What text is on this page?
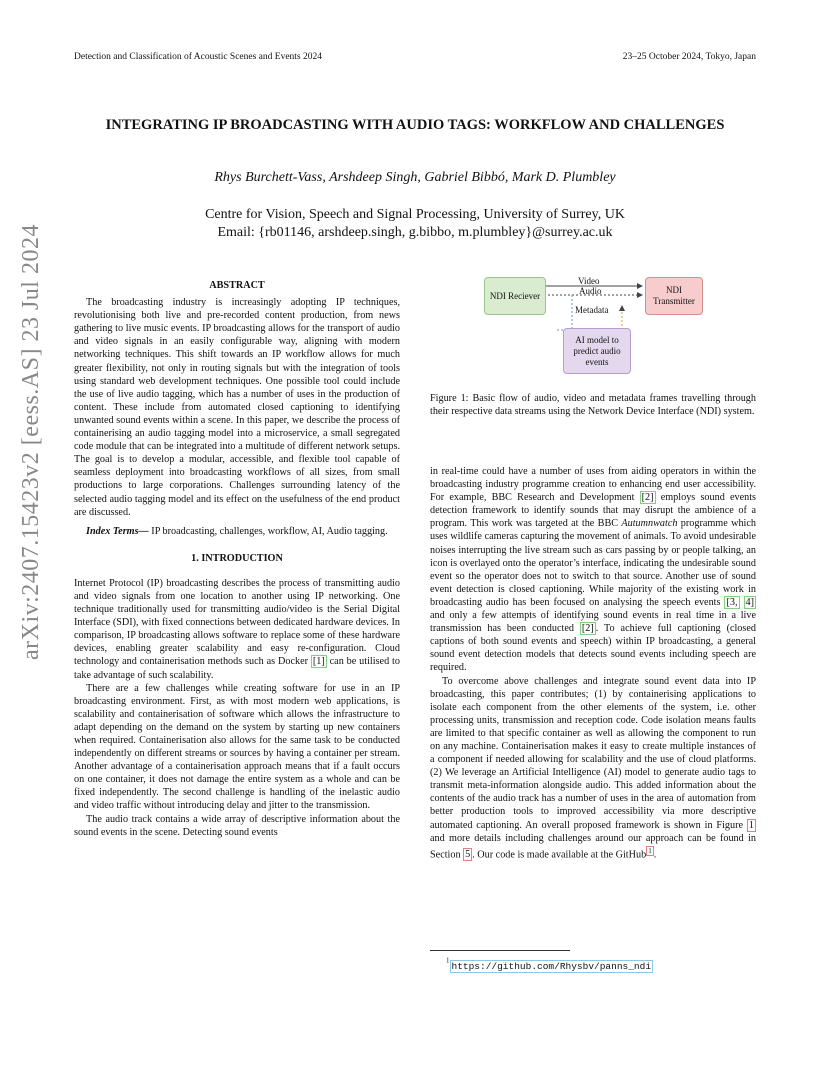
Detection and Classification of Acoustic Scenes and Events 2024	23–25 October 2024, Tokyo, Japan
arXiv:2407.15423v2 [eess.AS] 23 Jul 2024
INTEGRATING IP BROADCASTING WITH AUDIO TAGS: WORKFLOW AND CHALLENGES
Rhys Burchett-Vass, Arshdeep Singh, Gabriel Bibbó, Mark D. Plumbley
Centre for Vision, Speech and Signal Processing, University of Surrey, UK
Email: {rb01146, arshdeep.singh, g.bibbo, m.plumbley}@surrey.ac.uk
ABSTRACT

The broadcasting industry is increasingly adopting IP techniques, revolutionising both live and pre-recorded content production, from news gathering to live music events. IP broadcasting allows for the transport of audio and video signals in an easily configurable way, aligning with modern networking techniques. This shift towards an IP workflow allows for much greater flexibility, not only in routing signals but with the integration of tools using standard web development techniques. One possible tool could include the use of live audio tagging, which has a number of uses in the production of content. These include from automated closed captioning to identifying unwanted sound events within a scene. In this paper, we describe the process of containerising an audio tagging model into a microservice, a small segregated code module that can be integrated into a multitude of different network setups. The goal is to develop a modular, accessible, and flexible tool capable of seamless deployment into broadcasting workflows of all sizes, from small productions to large corporations. Challenges surrounding latency of the selected audio tagging model and its effect on the usefulness of the end product are discussed.

Index Terms— IP broadcasting, challenges, workflow, AI, Audio tagging.

1. INTRODUCTION

Internet Protocol (IP) broadcasting describes the process of transmitting audio and video signals from one location to another using IP networking. One technique traditionally used for transmitting audio/video is the Serial Digital Interface (SDI), with fixed connections between dedicated hardware devices. In comparison, IP broadcasting allows software to replace some of these hardware devices, enabling greater scalability and easy re-configuration. Cloud technology and containerisation methods such as Docker [1] can be utilised to take advantage of such scalability.

There are a few challenges while creating software for use in an IP broadcasting environment. First, as with most modern web applications, is scalability and containerisation of software which allows the infrastructure to adapt depending on the demand on the system by starting up new containers when required. Containerisation also allows for the same task to be conducted independently on different streams or sources by having a container per stream. Another advantage of a containerisation approach means that if a fault occurs on one container, it does not damage the entire system as a whole and can be fixed independently. The second challenge is handling of the inelastic audio and video traffic without introducing delay and jitter to the transmission.

The audio track contains a wide array of descriptive information about the sound events in the scene. Detecting sound events

NDI Reciever
NDI
Transmitter
AI model to
predict audio
events
Video
Audio
Metadata
Figure 1: Basic flow of audio, video and metadata frames travelling through their respective data streams using the Network Device Interface (NDI) system.

in real-time could have a number of uses from aiding operators in within the broadcasting industry programme creation to enhancing end user accessibility. For example, BBC Research and Development [2] employs sound events detection framework to identify sounds that may disrupt the ambience of a program. This work was targeted at the BBC Autumnwatch programme which uses wildlife cameras capturing the movement of animals. To avoid undesirable noises interrupting the live stream such as cars passing by or people talking, an icon is overlayed onto the operator’s interface, indicating the undesirable sound event so the operator does not to switch to that source. Another use of sound event detection is closed captioning. While majority of the existing work in broadcasting audio has been focused on analysing the speech events [3, 4] and only a few attempts of identifying sound events in real time in a live transmission has been conducted [2] . To achieve full captioning (closed captions of both sound events and speech) within IP broadcasting, a general sound event detection models that detects sound events including speech are required.

To overcome above challenges and integrate sound event data into IP broadcasting, this paper contributes; (1) by containerising applications to isolate each component from the other elements of the system, i.e. other processing units, transmission and reception code. Code isolation means faults are limited to that specific container as well as allowing the component to run on any machine. Containerisation makes it easy to create multiple instances of a component if needed allowing for scalability and the use of cloud platforms. (2) We leverage an Artificial Intelligence (AI) model to generate audio tags to transmit meta-information alongside audio. This added information about the contents of the audio track has a number of uses in the area of automation from better production tools to improved accessibility via more descriptive automated captioning. An overall proposed framework is shown in Figure 1 and more details including challenges around our approach can be found in Section 5 . Our code is made available at the GitHub $^1$ .

$^1$https://github.com/Rhysbv/panns_ndi
